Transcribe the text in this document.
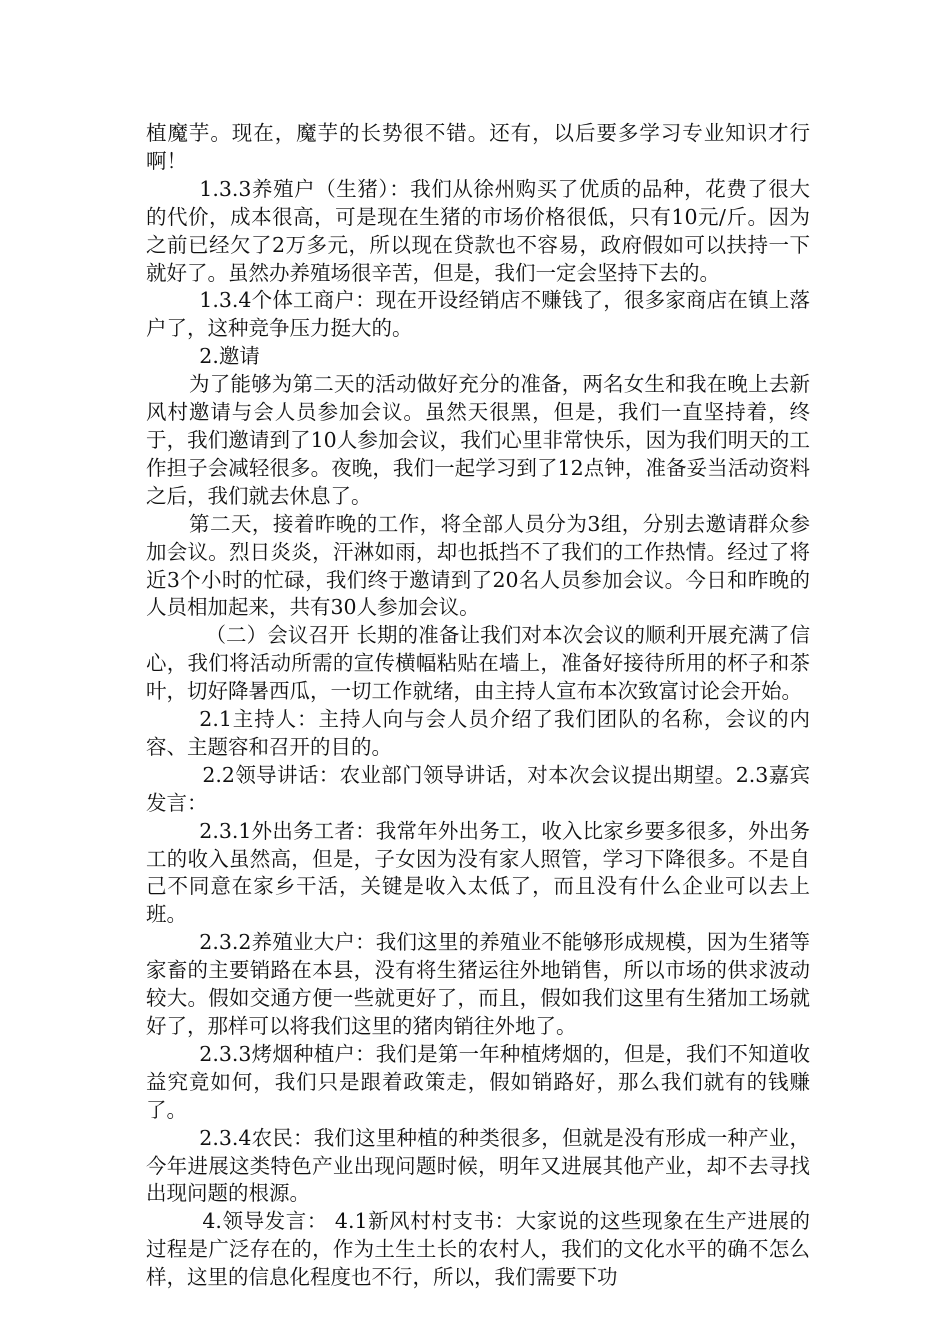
植魔芋。现在，魔芋的长势很不错。还有，以后要多学习专业知识才行啊！

1.3.3养殖户（生猪）：我们从徐州购买了优质的品种，花费了很大的代价，成本很高，可是现在生猪的市场价格很低，只有10元/斤。因为之前已经欠了2万多元，所以现在贷款也不容易，政府假如可以扶持一下就好了。虽然办养殖场很辛苦，但是，我们一定会坚持下去的。

1.3.4个体工商户：现在开设经销店不赚钱了，很多家商店在镇上落户了，这种竞争压力挺大的。

2.邀请

为了能够为第二天的活动做好充分的准备，两名女生和我在晚上去新风村邀请与会人员参加会议。虽然天很黑，但是，我们一直坚持着，终于，我们邀请到了10人参加会议，我们心里非常快乐，因为我们明天的工作担子会减轻很多。夜晚，我们一起学习到了12点钟，准备妥当活动资料之后，我们就去休息了。

第二天，接着昨晚的工作，将全部人员分为3组，分别去邀请群众参加会议。烈日炎炎，汗淋如雨，却也抵挡不了我们的工作热情。经过了将近3个小时的忙碌，我们终于邀请到了20名人员参加会议。今日和昨晚的人员相加起来，共有30人参加会议。

（二）会议召开 长期的准备让我们对本次会议的顺利开展充满了信心，我们将活动所需的宣传横幅粘贴在墙上，准备好接待所用的杯子和茶叶，切好降暑西瓜，一切工作就绪，由主持人宣布本次致富讨论会开始。

2.1主持人：主持人向与会人员介绍了我们团队的名称，会议的内容、主题容和召开的目的。

2.2领导讲话：农业部门领导讲话，对本次会议提出期望。2.3嘉宾发言：

2.3.1外出务工者：我常年外出务工，收入比家乡要多很多，外出务工的收入虽然高，但是，子女因为没有家人照管，学习下降很多。不是自己不同意在家乡干活，关键是收入太低了，而且没有什么企业可以去上班。

2.3.2养殖业大户：我们这里的养殖业不能够形成规模，因为生猪等家畜的主要销路在本县，没有将生猪运往外地销售，所以市场的供求波动较大。假如交通方便一些就更好了，而且，假如我们这里有生猪加工场就好了，那样可以将我们这里的猪肉销往外地了。

2.3.3烤烟种植户：我们是第一年种植烤烟的，但是，我们不知道收益究竟如何，我们只是跟着政策走，假如销路好，那么我们就有的钱赚了。

2.3.4农民：我们这里种植的种类很多，但就是没有形成一种产业，今年进展这类特色产业出现问题时候，明年又进展其他产业，却不去寻找出现问题的根源。

4.领导发言： 4.1新风村村支书：大家说的这些现象在生产进展的过程是广泛存在的，作为土生土长的农村人，我们的文化水平的确不怎么样，这里的信息化程度也不行，所以，我们需要下功
